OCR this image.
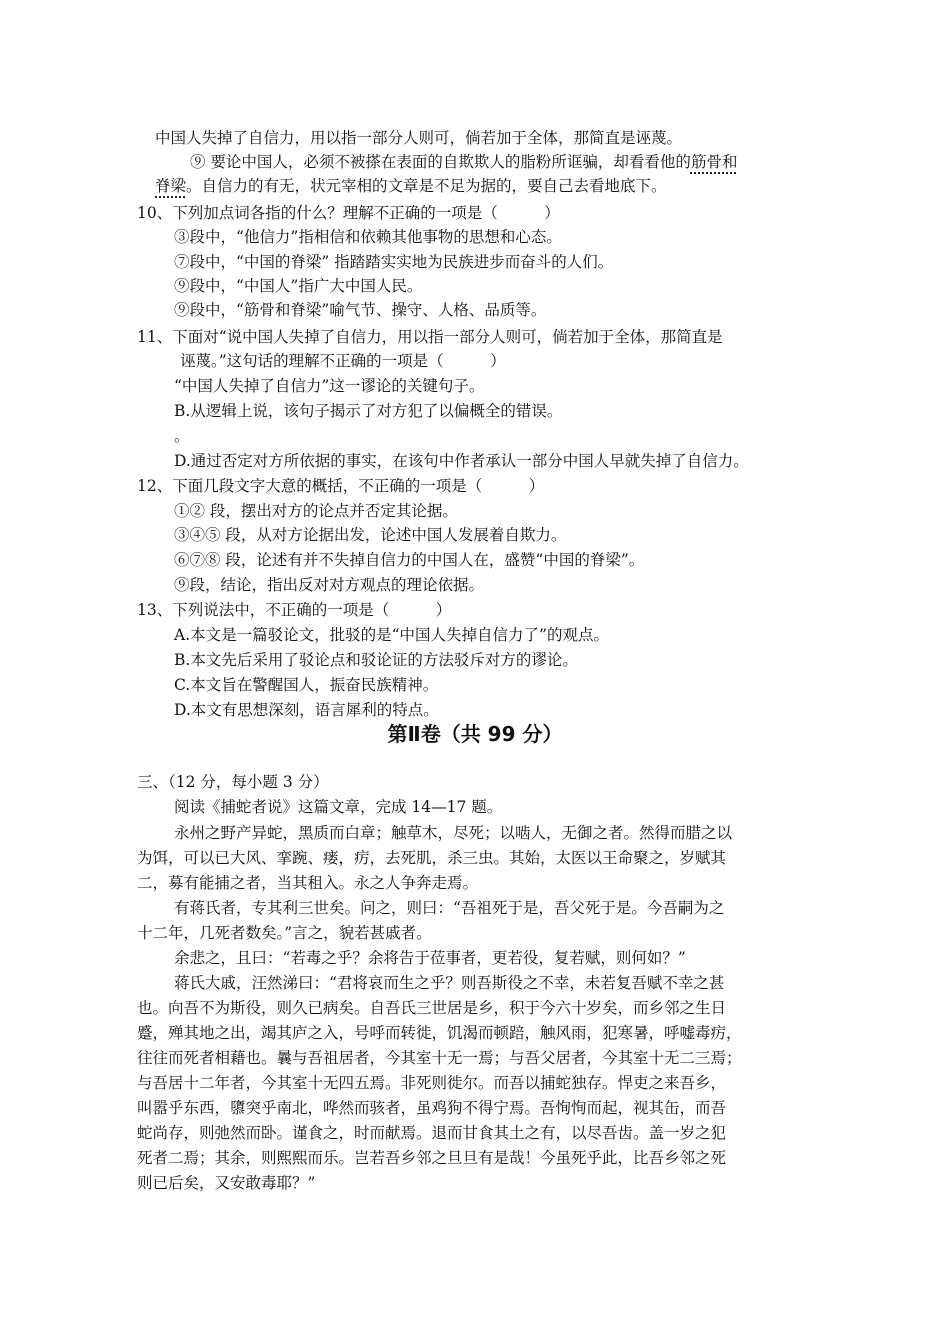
中国人失掉了自信力，用以指一部分人则可，倘若加于全体，那简直是诬蔑。
⑨ 要论中国人，必须不被搽在表面的自欺欺人的脂粉所诓骗，却看看他的筋骨和
脊梁。自信力的有无，状元宰相的文章是不足为据的，要自己去看地底下。
10、下列加点词各指的什么？理解不正确的一项是（　　　）
③段中，“他信力”指相信和依赖其他事物的思想和心态。
⑦段中，“中国的脊梁” 指踏踏实实地为民族进步而奋斗的人们。
⑨段中，“中国人”指广大中国人民。
⑨段中，“筋骨和脊梁”喻气节、操守、人格、品质等。
11、下面对“说中国人失掉了自信力，用以指一部分人则可，倘若加于全体，那简直是
诬蔑。”这句话的理解不正确的一项是（　　　）
“中国人失掉了自信力”这一谬论的关键句子。
B.从逻辑上说，该句子揭示了对方犯了以偏概全的错误。
。
D.通过否定对方所依据的事实，在该句中作者承认一部分中国人早就失掉了自信力。
12、下面几段文字大意的概括，不正确的一项是（　　　）
①② 段，摆出对方的论点并否定其论据。
③④⑤ 段，从对方论据出发，论述中国人发展着自欺力。
⑥⑦⑧ 段，论述有并不失掉自信力的中国人在，盛赞“中国的脊梁”。
⑨段，结论，指出反对对方观点的理论依据。
13、下列说法中，不正确的一项是（　　　）
A.本文是一篇驳论文，批驳的是“中国人失掉自信力了”的观点。
B.本文先后采用了驳论点和驳论证的方法驳斥对方的谬论。
C.本文旨在警醒国人，振奋民族精神。
D.本文有思想深刻，语言犀利的特点。
第Ⅱ卷（共 99 分）
三、（12 分，每小题 3 分）
阅读《捕蛇者说》这篇文章，完成 14—17 题。
永州之野产异蛇，黑质而白章；触草木，尽死；以啮人，无御之者。然得而腊之以
为饵，可以已大风、挛踠、瘘，疠，去死肌，杀三虫。其始，太医以王命聚之，岁赋其
二，募有能捕之者，当其租入。永之人争奔走焉。
有蒋氏者，专其利三世矣。问之，则曰：“吾祖死于是，吾父死于是。今吾嗣为之
十二年，几死者数矣。”言之，貌若甚戚者。
余悲之，且曰：“若毒之乎？余将告于莅事者，更若役，复若赋，则何如？”
蒋氏大戚，汪然涕曰：“君将哀而生之乎？则吾斯役之不幸，未若复吾赋不幸之甚
也。向吾不为斯役，则久已病矣。自吾氏三世居是乡，积于今六十岁矣，而乡邻之生日
蹙，殚其地之出，竭其庐之入，号呼而转徙，饥渴而顿踣，触风雨，犯寒暑，呼嘘毒疠，
往往而死者相藉也。曩与吾祖居者，今其室十无一焉；与吾父居者，今其室十无二三焉；
与吾居十二年者，今其室十无四五焉。非死则徙尔。而吾以捕蛇独存。悍吏之来吾乡，
叫嚣乎东西，隳突乎南北，哗然而骇者，虽鸡狗不得宁焉。吾恂恂而起，视其缶，而吾
蛇尚存，则弛然而卧。谨食之，时而献焉。退而甘食其土之有，以尽吾齿。盖一岁之犯
死者二焉；其余，则熙熙而乐。岂若吾乡邻之旦旦有是哉！今虽死乎此，比吾乡邻之死
则已后矣，又安敢毒耶？”
